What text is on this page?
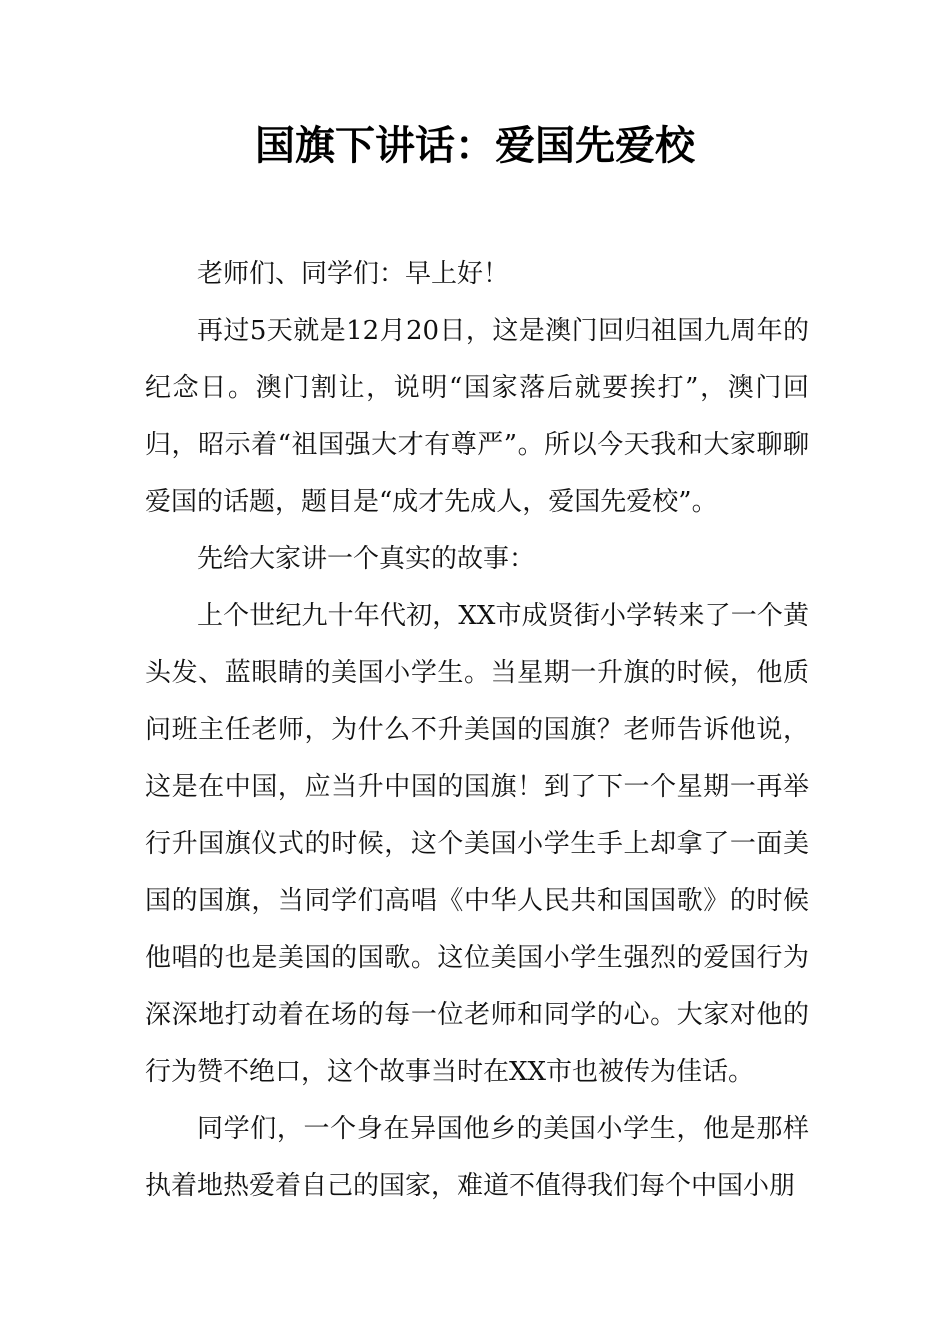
国旗下讲话：爱国先爱校

老师们、同学们：早上好！

再过5天就是12月20日，这是澳门回归祖国九周年的纪念日。澳门割让，说明“国家落后就要挨打”，澳门回归，昭示着“祖国强大才有尊严”。所以今天我和大家聊聊爱国的话题，题目是“成才先成人，爱国先爱校”。

先给大家讲一个真实的故事：

上个世纪九十年代初，XX市成贤街小学转来了一个黄头发、蓝眼睛的美国小学生。当星期一升旗的时候，他质问班主任老师，为什么不升美国的国旗？老师告诉他说，这是在中国，应当升中国的国旗！到了下一个星期一再举行升国旗仪式的时候，这个美国小学生手上却拿了一面美国的国旗，当同学们高唱《中华人民共和国国歌》的时候他唱的也是美国的国歌。这位美国小学生强烈的爱国行为深深地打动着在场的每一位老师和同学的心。大家对他的行为赞不绝口，这个故事当时在XX市也被传为佳话。

同学们，一个身在异国他乡的美国小学生，他是那样执着地热爱着自己的国家，难道不值得我们每个中国小朋
